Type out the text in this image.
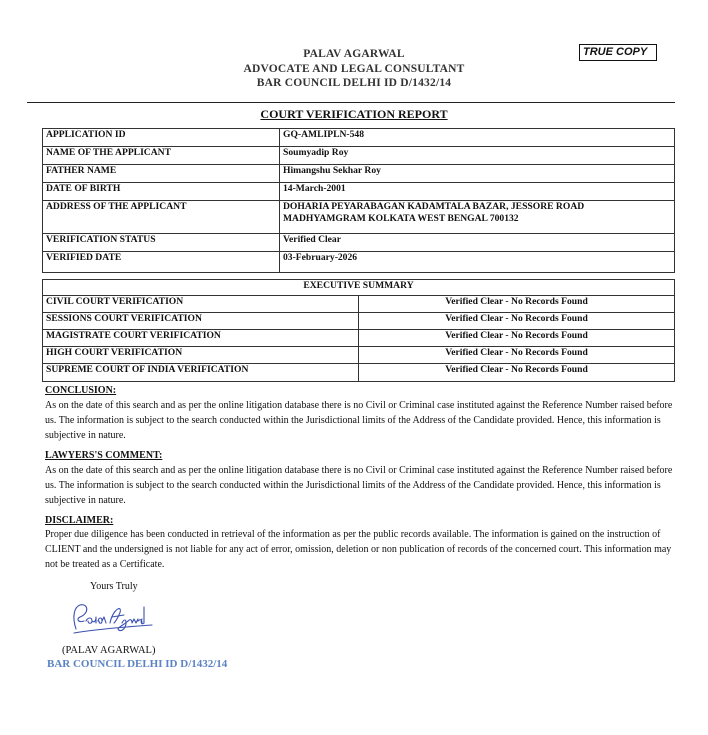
PALAV AGARWAL
ADVOCATE AND LEGAL CONSULTANT
BAR COUNCIL DELHI ID D/1432/14
TRUE COPY
COURT VERIFICATION REPORT
APPLICATION ID	GQ-AMLIPLN-548
NAME OF THE APPLICANT	Soumyadip Roy
FATHER NAME	Himangshu Sekhar Roy
DATE OF BIRTH	14-March-2001
ADDRESS OF THE APPLICANT	DOHARIA PEYARABAGAN KADAMTALA BAZAR, JESSORE ROAD
MADHYAMGRAM KOLKATA WEST BENGAL 700132

VERIFICATION STATUS	Verified Clear
VERIFIED DATE	03-February-2026
EXECUTIVE SUMMARY	
CIVIL COURT VERIFICATION	Verified Clear - No Records Found
SESSIONS COURT VERIFICATION	Verified Clear - No Records Found
MAGISTRATE COURT VERIFICATION	Verified Clear - No Records Found
HIGH COURT VERIFICATION	Verified Clear - No Records Found
SUPREME COURT OF INDIA VERIFICATION	Verified Clear - No Records Found
CONCLUSION:
As on the date of this search and as per the online litigation database there is no Civil or Criminal case instituted against the Reference Number raised before us. The information is subject to the search conducted within the Jurisdictional limits of the Address of the Candidate provided. Hence, this information is subjective in nature.
LAWYERS'S COMMENT:
As on the date of this search and as per the online litigation database there is no Civil or Criminal case instituted against the Reference Number raised before us. The information is subject to the search conducted within the Jurisdictional limits of the Address of the Candidate provided. Hence, this information is subjective in nature.
DISCLAIMER:
Proper due diligence has been conducted in retrieval of the information as per the public records available. The information is gained on the instruction of CLIENT and the undersigned is not liable for any act of error, omission, deletion or non publication of records of the concerned court. This information may not be treated as a Certificate.
Yours Truly
(PALAV AGARWAL)
BAR COUNCIL DELHI ID D/1432/14
